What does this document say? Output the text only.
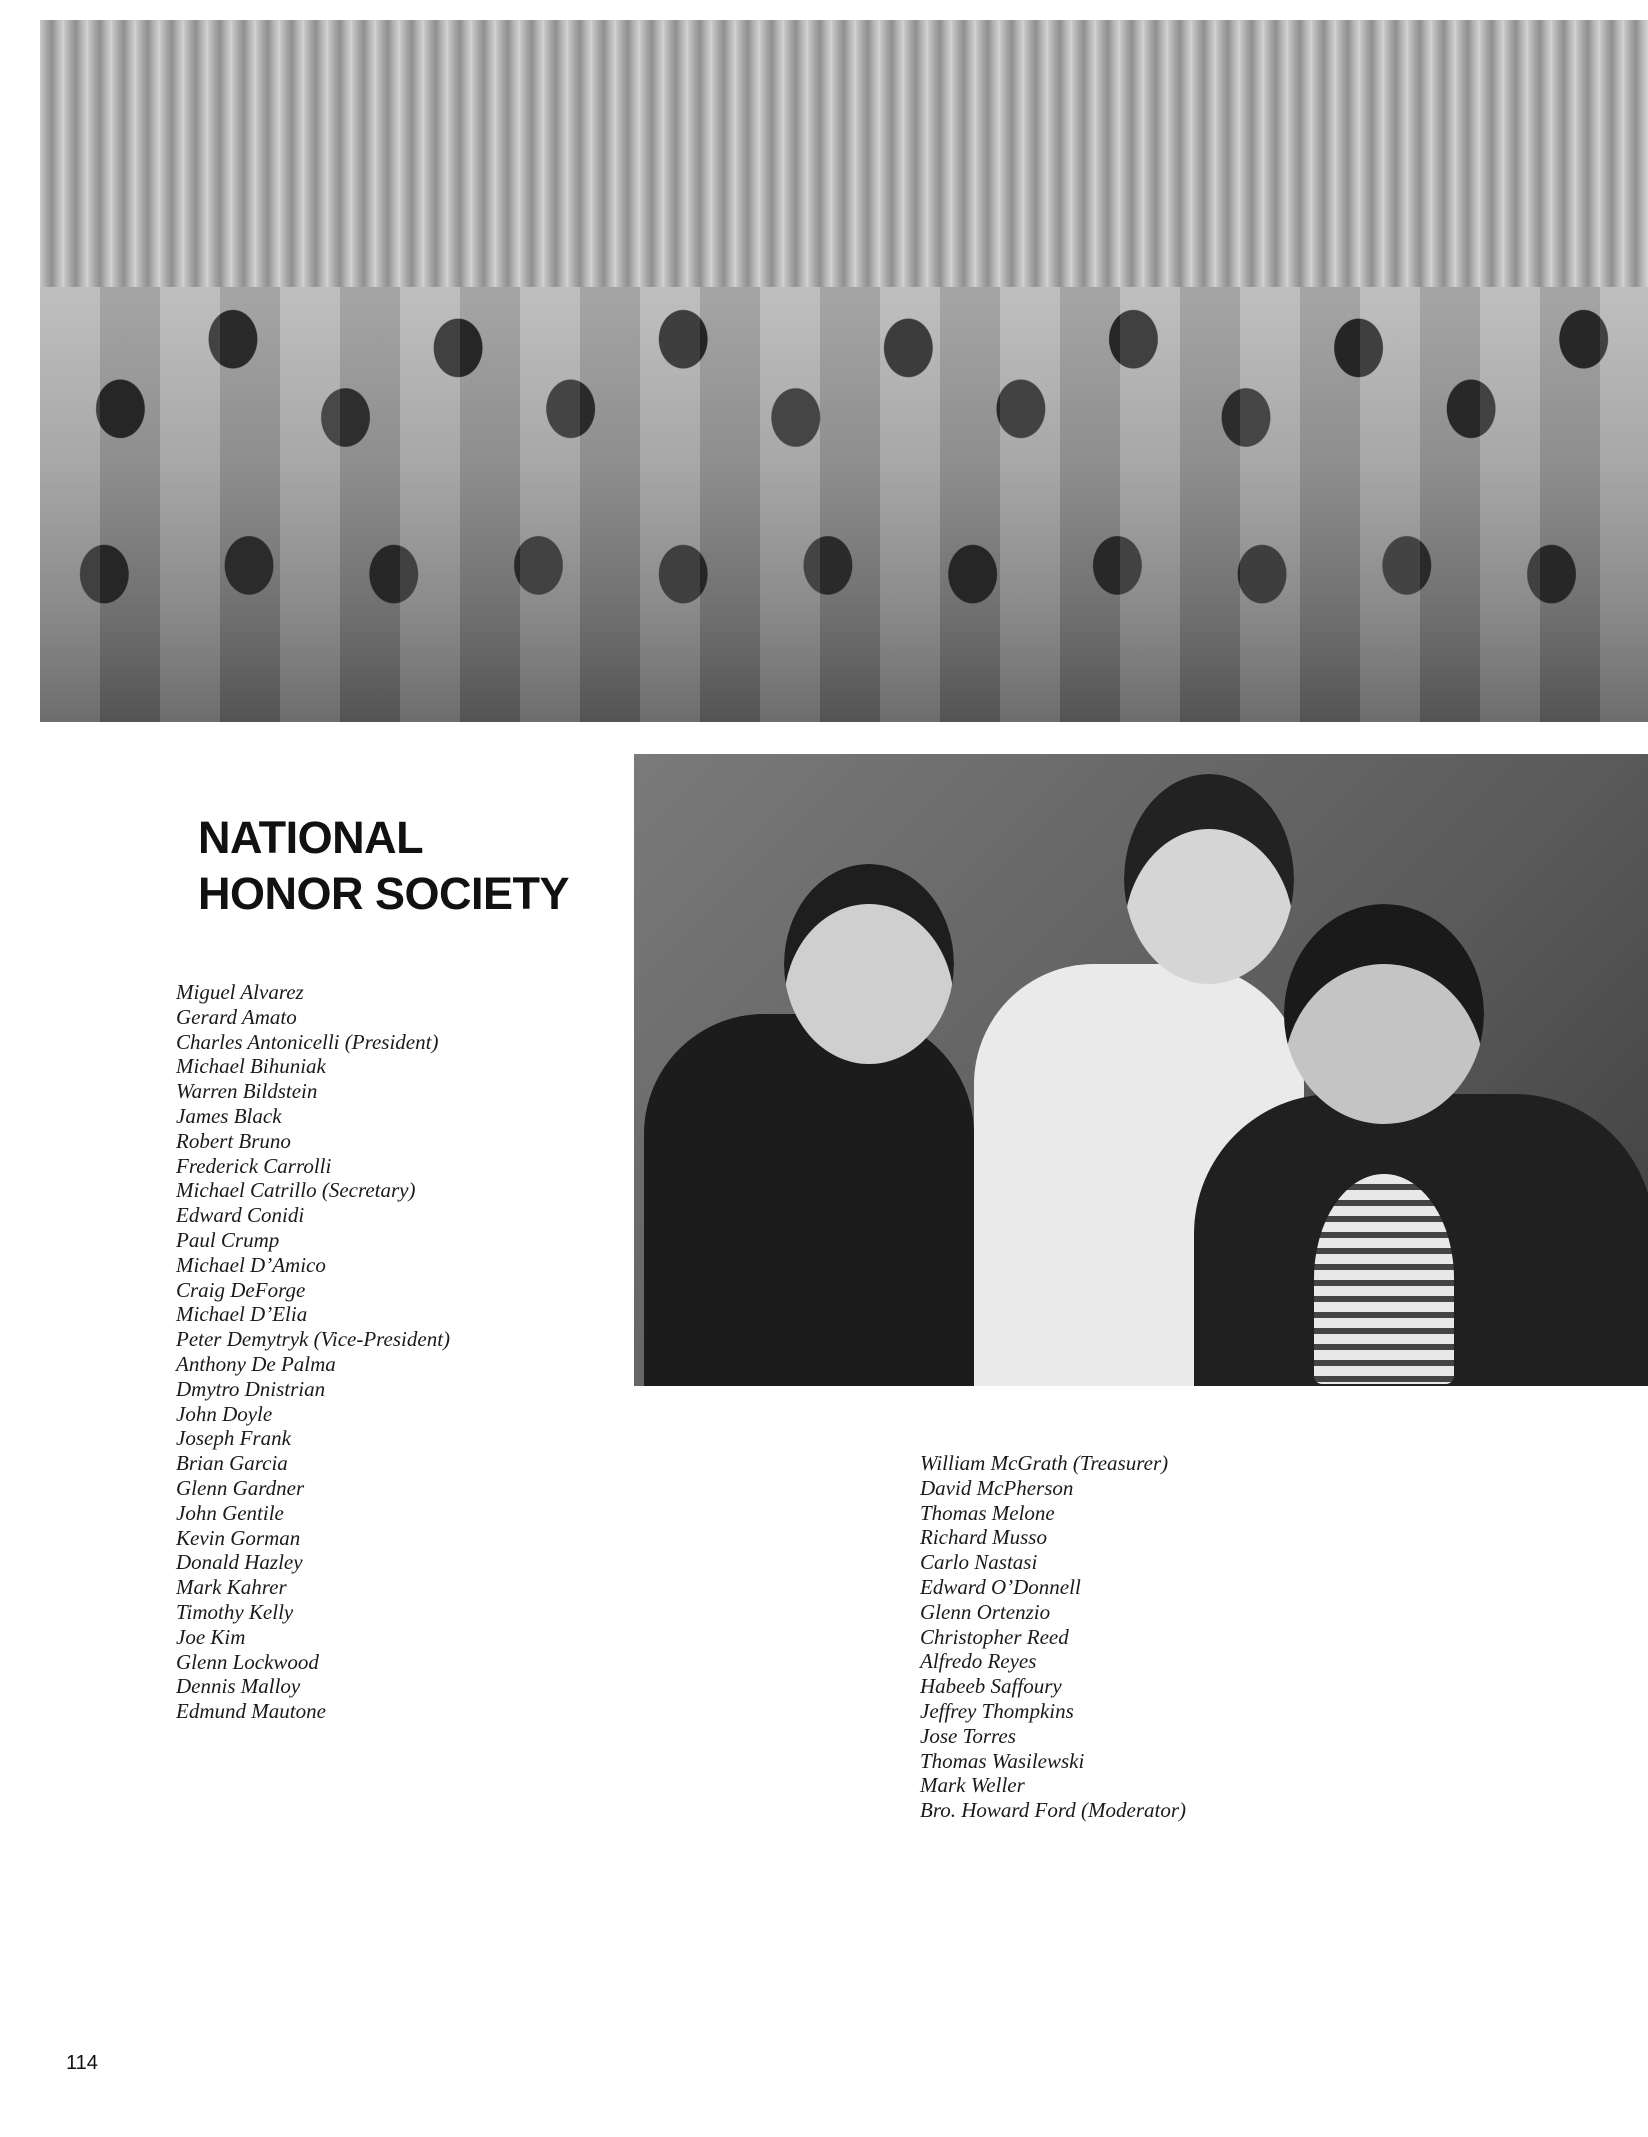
NATIONAL
HONOR SOCIETY
Miguel Alvarez
Gerard Amato
Charles Antonicelli (President)
Michael Bihuniak
Warren Bildstein
James Black
Robert Bruno
Frederick Carrolli
Michael Catrillo (Secretary)
Edward Conidi
Paul Crump
Michael D’Amico
Craig DeForge
Michael D’Elia
Peter Demytryk (Vice-President)
Anthony De Palma
Dmytro Dnistrian
John Doyle
Joseph Frank
Brian Garcia
Glenn Gardner
John Gentile
Kevin Gorman
Donald Hazley
Mark Kahrer
Timothy Kelly
Joe Kim
Glenn Lockwood
Dennis Malloy
Edmund Mautone
William McGrath (Treasurer)
David McPherson
Thomas Melone
Richard Musso
Carlo Nastasi
Edward O’Donnell
Glenn Ortenzio
Christopher Reed
Alfredo Reyes
Habeeb Saffoury
Jeffrey Thompkins
Jose Torres
Thomas Wasilewski
Mark Weller
Bro. Howard Ford (Moderator)
114
